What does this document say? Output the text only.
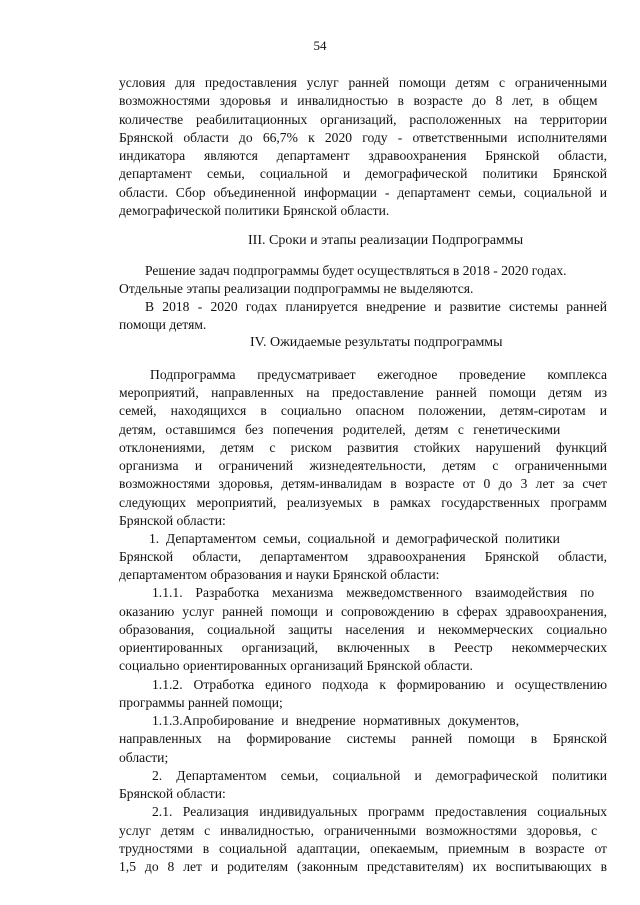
54
условия для предоставления услуг ранней помощи детям с ограниченными
возможностями здоровья и инвалидностью в возрасте до 8 лет, в общем
количестве реабилитационных организаций, расположенных на территории
Брянской области до 66,7% к 2020 году - ответственными исполнителями
индикатора являются департамент здравоохранения Брянской области,
департамент семьи, социальной и демографической политики Брянской
области. Сбор объединенной информации - департамент семьи, социальной и
демографической политики Брянской области.
III. Сроки и этапы реализации Подпрограммы
Решение задач подпрограммы будет осуществляться в 2018 - 2020 годах.
Отдельные этапы реализации подпрограммы не выделяются.
В 2018 - 2020 годах планируется внедрение и развитие системы ранней
помощи детям.
IV. Ожидаемые результаты подпрограммы
Подпрограмма предусматривает ежегодное проведение комплекса
мероприятий, направленных на предоставление ранней помощи детям из
семей, находящихся в социально опасном положении, детям-сиротам и
детям, оставшимся без попечения родителей, детям с генетическими
отклонениями, детям с риском развития стойких нарушений функций
организма и ограничений жизнедеятельности, детям с ограниченными
возможностями здоровья, детям-инвалидам в возрасте от 0 до 3 лет за счет
следующих мероприятий, реализуемых в рамках государственных программ
Брянской области:
1. Департаментом семьи, социальной и демографической политики
Брянской области, департаментом здравоохранения Брянской области,
департаментом образования и науки Брянской области:
1.1.1. Разработка механизма межведомственного взаимодействия по
оказанию услуг ранней помощи и сопровождению в сферах здравоохранения,
образования, социальной защиты населения и некоммерческих социально
ориентированных организаций, включенных в Реестр некоммерческих
социально ориентированных организаций Брянской области.
1.1.2. Отработка единого подхода к формированию и осуществлению
программы ранней помощи;
1.1.3.Апробирование и внедрение нормативных документов,
направленных на формирование системы ранней помощи в Брянской
области;
2. Департаментом семьи, социальной и демографической политики
Брянской области:
2.1. Реализация индивидуальных программ предоставления социальных
услуг детям с инвалидностью, ограниченными возможностями здоровья, с
трудностями в социальной адаптации, опекаемым, приемным в возрасте от
1,5 до 8 лет и родителям (законным представителям) их воспитывающих в
